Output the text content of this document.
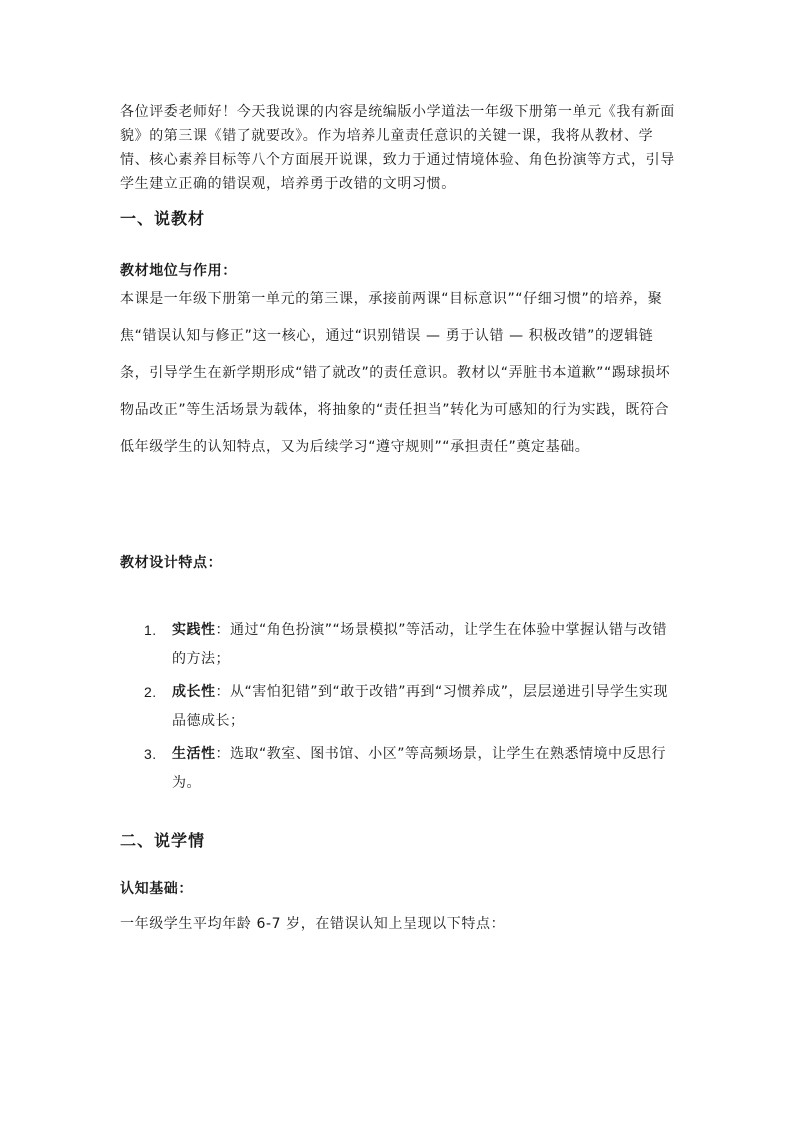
各位评委老师好！今天我说课的内容是统编版小学道法一年级下册第一单元《我有新面貌》的第三课《错了就要改》。作为培养儿童责任意识的关键一课，我将从教材、学情、核心素养目标等八个方面展开说课，致力于通过情境体验、角色扮演等方式，引导学生建立正确的错误观，培养勇于改错的文明习惯。
一、说教材
教材地位与作用：
本课是一年级下册第一单元的第三课，承接前两课“目标意识”“仔细习惯”的培养，聚焦“错误认知与修正”这一核心，通过“识别错误 — 勇于认错 — 积极改错”的逻辑链条，引导学生在新学期形成“错了就改”的责任意识。教材以“弄脏书本道歉”“踢球损坏物品改正”等生活场景为载体，将抽象的“责任担当”转化为可感知的行为实践，既符合低年级学生的认知特点，又为后续学习“遵守规则”“承担责任”奠定基础。
教材设计特点：
1. 实践性：通过“角色扮演”“场景模拟”等活动，让学生在体验中掌握认错与改错的方法；
2. 成长性：从“害怕犯错”到“敢于改错”再到“习惯养成”，层层递进引导学生实现品德成长；
3. 生活性：选取“教室、图书馆、小区”等高频场景，让学生在熟悉情境中反思行为。
二、说学情
认知基础：
一年级学生平均年龄 6-7 岁，在错误认知上呈现以下特点：
